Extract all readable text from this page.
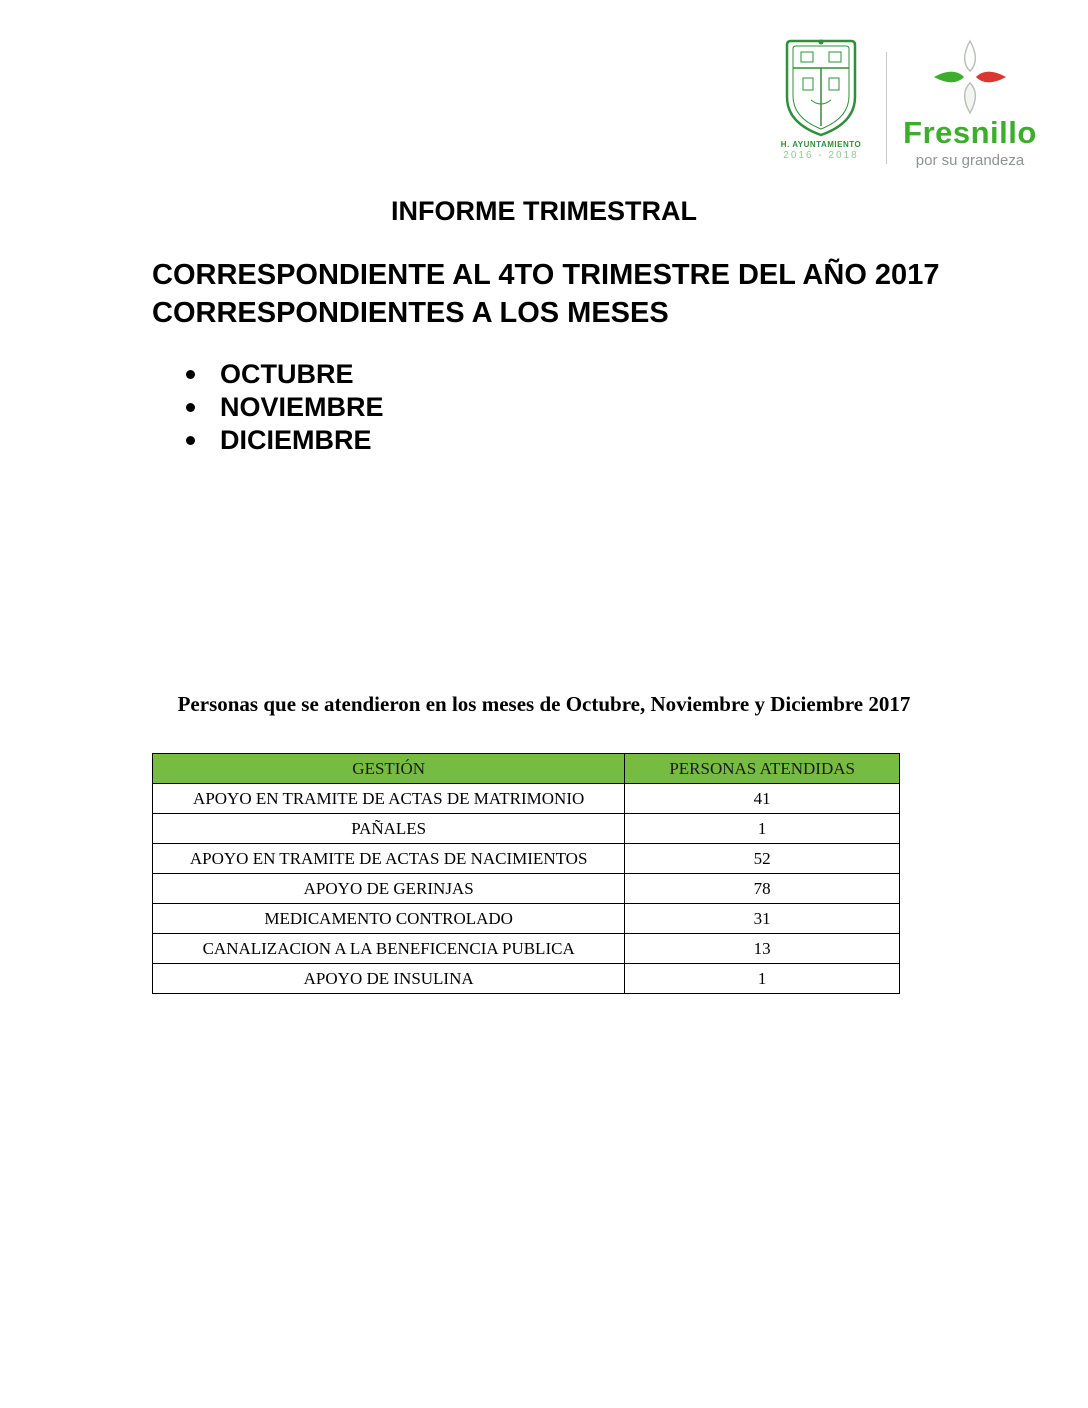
H. AYUNTAMIENTO
2016 - 2018
Fresnillo
por su grandeza
INFORME TRIMESTRAL

CORRESPONDIENTE AL 4TO TRIMESTRE DEL AÑO 2017
CORRESPONDIENTES A LOS MESES

OCTUBRE
NOVIEMBRE
DICIEMBRE
Personas que se atendieron en los meses de Octubre, Noviembre y Diciembre 2017
GESTIÓN	PERSONAS ATENDIDAS
APOYO EN TRAMITE DE ACTAS DE MATRIMONIO	41
PAÑALES	1
APOYO EN TRAMITE DE ACTAS DE NACIMIENTOS	52
APOYO DE GERINJAS	78
MEDICAMENTO CONTROLADO	31
CANALIZACION A LA BENEFICENCIA PUBLICA	13
APOYO DE INSULINA	1
